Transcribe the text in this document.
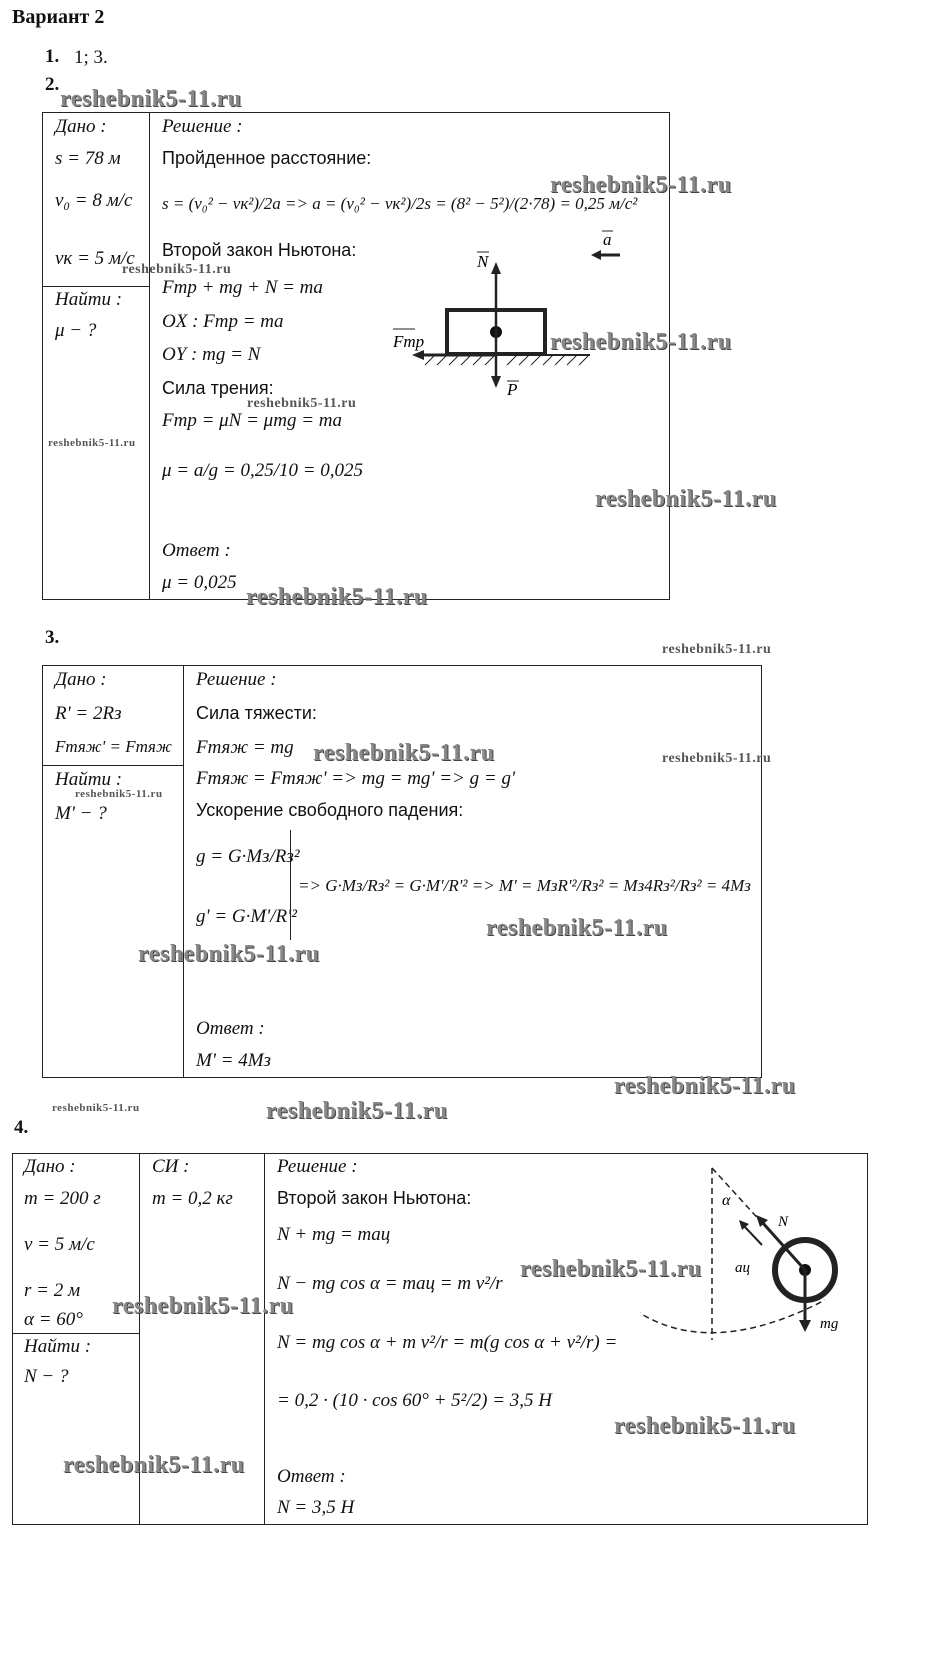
Вариант 2
1. 1; 3.
2.
Дано :
s = 78 м
v₀ = 8 м/с
vк = 5 м/с
Найти :
μ − ?
Решение :
Пройденное расстояние:
s = (v₀² − vк²)/2a => a = (v₀² − vк²)/2s = (8² − 5²)/(2·78) = 0,25 м/с²
Второй закон Ньютона:
Fтр + mg + N = ma
OX : Fтр = ma
OY : mg = N
Сила трения:
Fтр = μN = μmg = ma
μ = a/g = 0,25/10 = 0,025
Ответ :
μ = 0,025
N
P
Fтр
a
3.
Дано :
R' = 2Rз
Fтяж' = Fтяж
Найти :
M' − ?
Решение :
Сила тяжести:
Fтяж = mg
Fтяж = Fтяж' => mg = mg' => g = g'
Ускорение свободного падения:
g = G·Mз/Rз²
g' = G·M'/R'²
=> G·Mз/Rз² = G·M'/R'² => M' = MзR'²/Rз² = Mз4Rз²/Rз² = 4Mз
Ответ :
M' = 4Mз
4.
Дано :
m = 200 г
v = 5 м/с
r = 2 м
α = 60°
Найти :
N − ?
СИ :
m = 0,2 кг
Решение :
Второй закон Ньютона:
N + mg = maц
N − mg cos α = maц = m v²/r
N = mg cos α + m v²/r = m(g cos α + v²/r) =
= 0,2 · (10 · cos 60° + 5²/2) = 3,5 Н
Ответ :
N = 3,5 Н
α
N
aц
mg
reshebnik5-11.ru
reshebnik5-11.ru
reshebnik5-11.ru
reshebnik5-11.ru
reshebnik5-11.ru
reshebnik5-11.ru
reshebnik5-11.ru
reshebnik5-11.ru
reshebnik5-11.ru
reshebnik5-11.ru	reshebnik5-11.ru
reshebnik5-11.ru
reshebnik5-11.ru
reshebnik5-11.ru
reshebnik5-11.ru
reshebnik5-11.ru	reshebnik5-11.ru
reshebnik5-11.ru
reshebnik5-11.ru
reshebnik5-11.ru
reshebnik5-11.ru
